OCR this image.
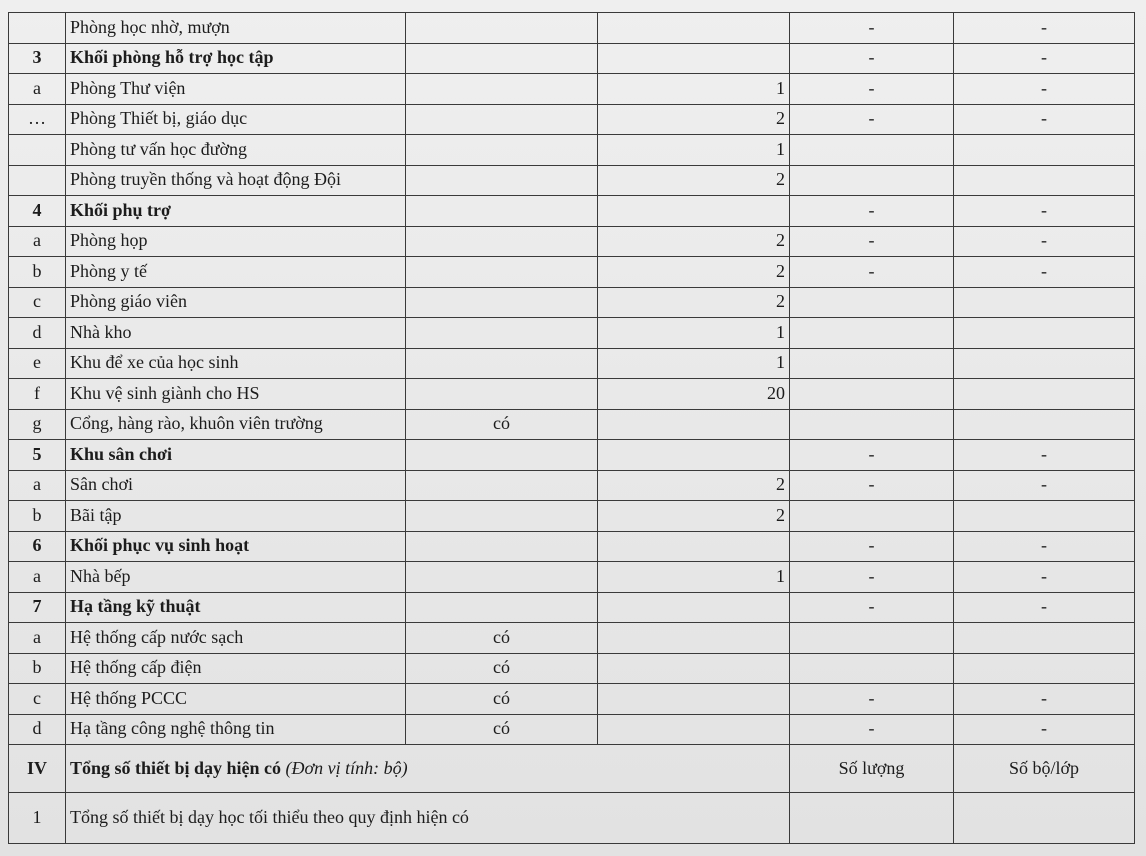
	Phòng học nhờ, mượn			-	-
3	Khối phòng hỗ trợ học tập			-	-
a	Phòng Thư viện		1	-	-
…	Phòng Thiết bị, giáo dục		2	-	-
	Phòng tư vấn học đường		1		
	Phòng truyền thống và hoạt động Đội		2		
4	Khối phụ trợ			-	-
a	Phòng họp		2	-	-
b	Phòng y tế		2	-	-
c	Phòng giáo viên		2		
d	Nhà kho		1		
e	Khu để xe của học sinh		1		
f	Khu vệ sinh giành cho HS		20		
g	Cổng, hàng rào, khuôn viên trường	có			
5	Khu sân chơi			-	-
a	Sân chơi		2	-	-
b	Bãi tập		2		
6	Khối phục vụ sinh hoạt			-	-
a	Nhà bếp		1	-	-
7	Hạ tầng kỹ thuật			-	-
a	Hệ thống cấp nước sạch	có			
b	Hệ thống cấp điện	có			
c	Hệ thống PCCC	có		-	-
d	Hạ tầng công nghệ thông tin	có		-	-
IV	Tổng số thiết bị dạy hiện có (Đơn vị tính: bộ)			Số lượng	Số bộ/lớp
1	Tổng số thiết bị dạy học tối thiểu theo quy định hiện có				
